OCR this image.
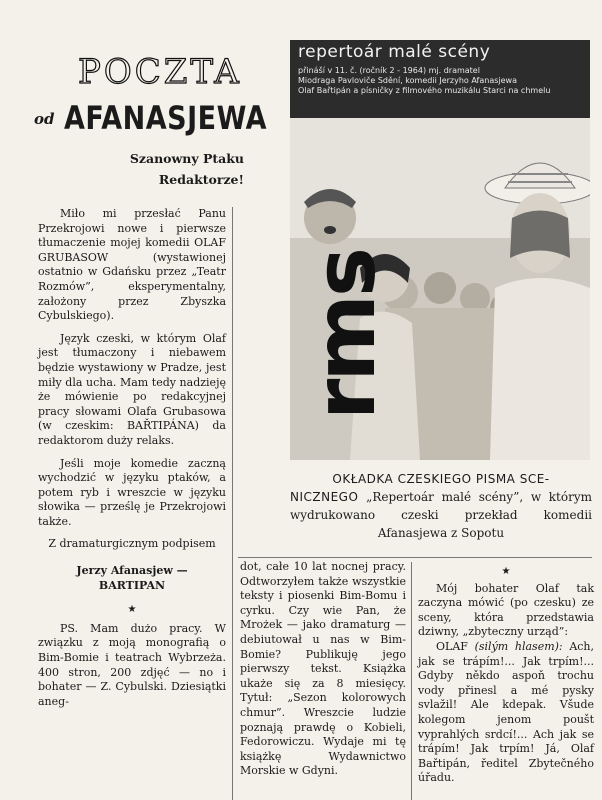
POCZTA
od AFANASJEWA
Szanowny Ptaku
Redaktorze!

Miło mi przesłać Panu Przekrojowi nowe i pierwsze tłumaczenie mojej komedii OLAF GRUBASOW (wystawionej ostatnio w Gdańsku przez „Teatr Rozmów”, eksperymentalny, założony przez Zbyszka Cybulskiego).

Język czeski, w którym Olaf jest tłumaczony i niebawem będzie wystawiony w Pradze, jest miły dla ucha. Mam tedy nadzieję że mówienie po redakcyjnej pracy słowami Olafa Grubasowa (w czeskim: BAŘTIPÁNA) da redaktorom duży relaks.

Jeśli moje komedie zaczną wychodzić w języku ptaków, a potem ryb i wreszcie w języku słowika — prześlę je Przekrojowi także.

Z dramaturgicznym podpisem

Jerzy Afanasjew —
BARTIPAN

★

PS. Mam dużo pracy. W związku z moją monografią o Bim-Bomie i teatrach Wybrzeża. 400 stron, 200 zdjęć — no i bohater — Z. Cybulski. Dziesiątki aneg-

repertoár malé scény
přináší v 11. č. (ročník 2 - 1964) mj. dramatel
Miodraga Pavloviče Sdění, komedii Jerzyho Afanasjewa
Olaf Bařtipán a písničky z filmového muzikálu Starci na chmelu
rms
OKŁADKA CZESKIEGO PISMA SCE-
NICZNEGO „Repertoár malé scény”, w którym wydrukowano czeski przekład komedii Afanasjewa z Sopotu

dot, całe 10 lat nocnej pracy. Odtworzyłem także wszystkie teksty i piosenki Bim-Bomu i cyrku. Czy wie Pan, że Mrożek — jako dramaturg — debiutował u nas w Bim-Bomie? Publikuję jego pierwszy tekst. Książka ukaże się za 8 miesięcy. Tytuł: „Sezon kolorowych chmur”. Wreszcie ludzie poznają prawdę o Kobieli, Fedorowiczu. Wydaje mi tę książkę Wydawnictwo Morskie w Gdyni.

★

Mój bohater Olaf tak zaczyna mówić (po czesku) ze sceny, która przedstawia dziwny, „zbyteczny urząd”:

OLAF (silým hlasem): Ach, jak se trápím!... Jak trpím!... Gdyby někdo aspoň trochu vody přinesl a mé pysky svlažil! Ale kdepak. Všude kolegom jenom poušt vyprahlých srdcí!... Ach jak se trápím! Jak trpím! Já, Olaf Bařtipán, ředitel Zbytečného úřadu.
